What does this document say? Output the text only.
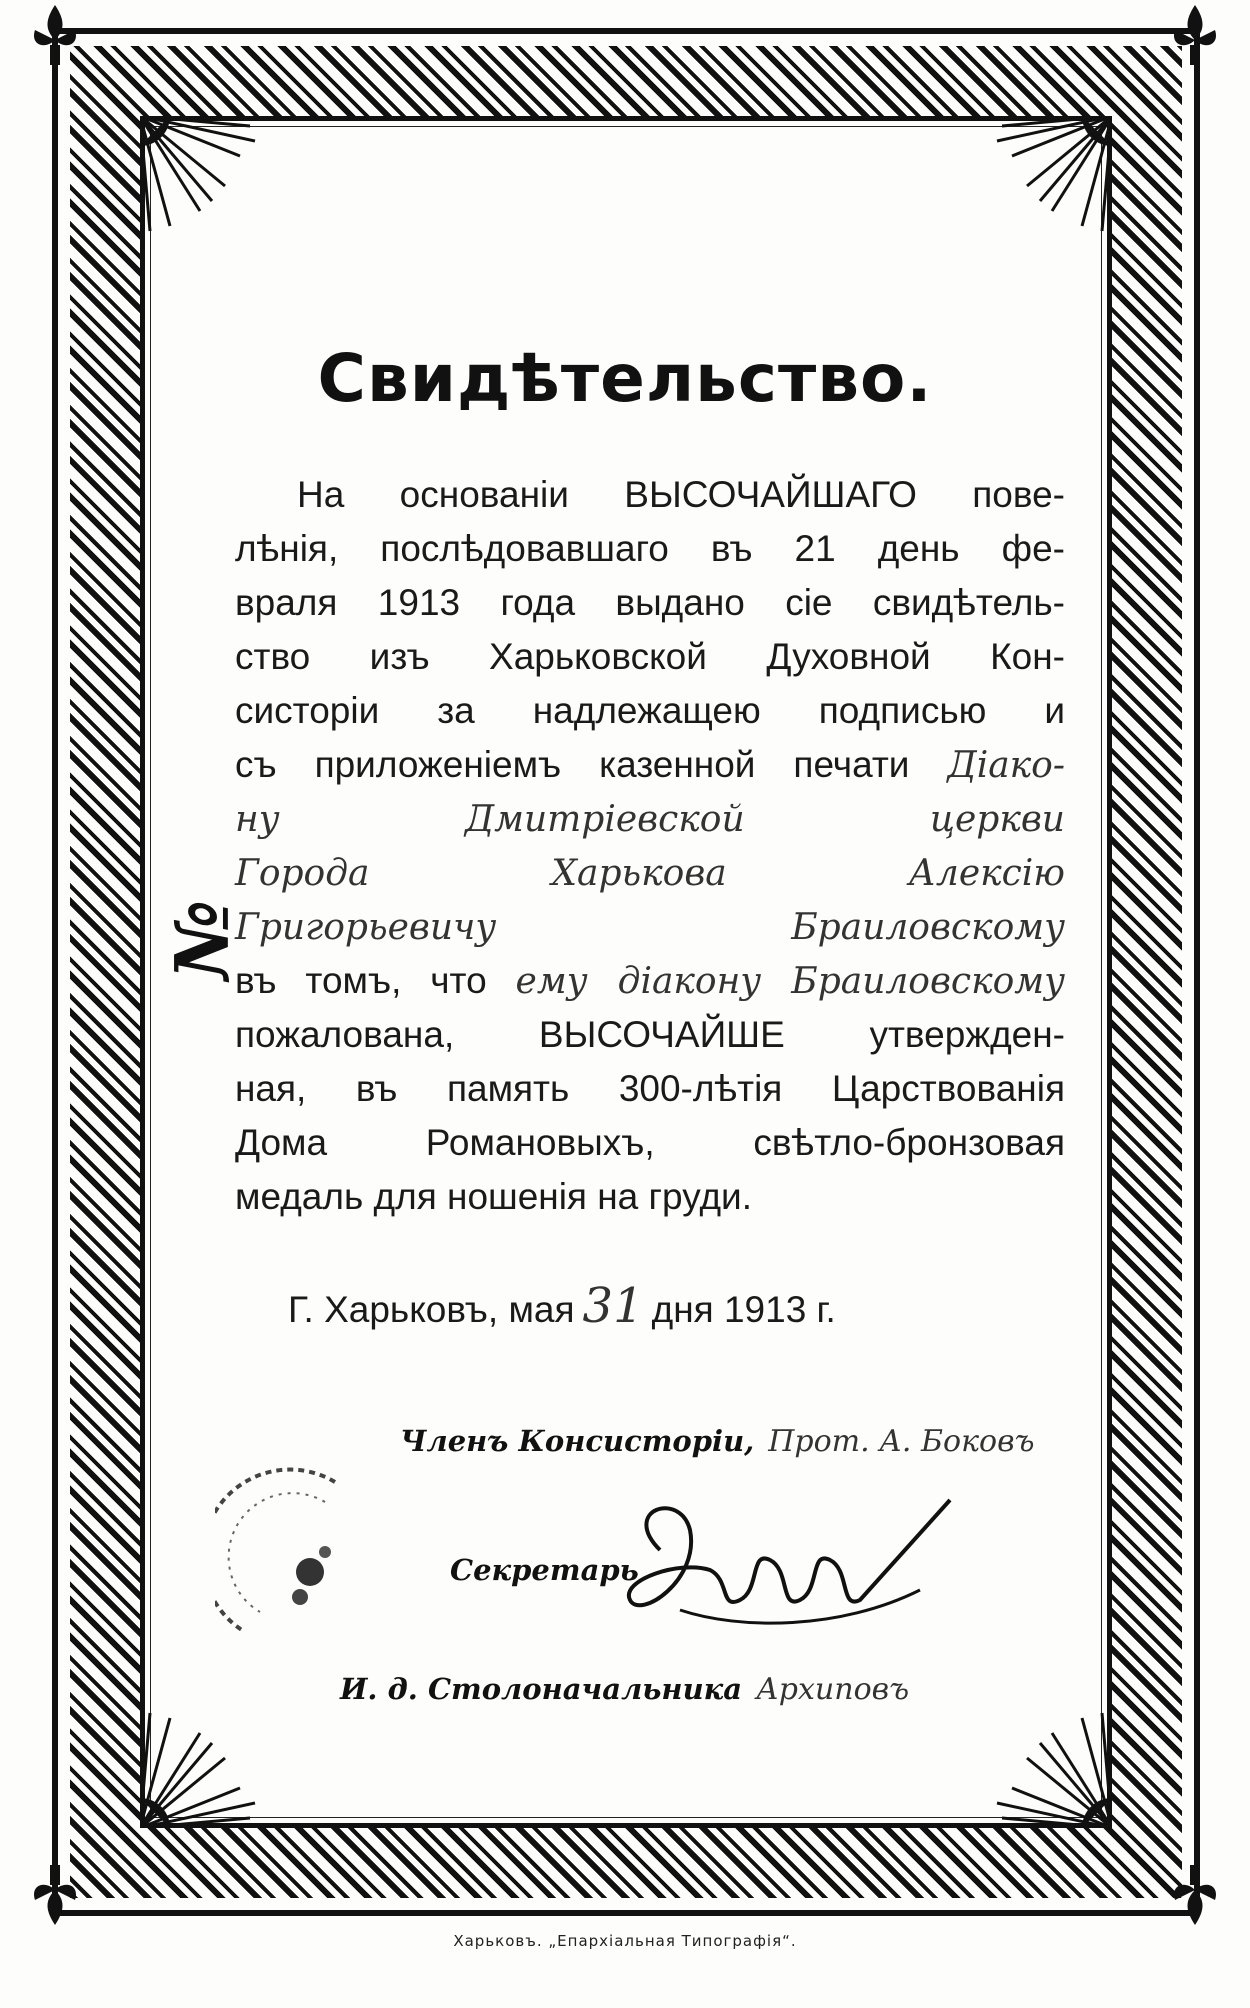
Свидѣтельство.
№
На основаніи ВЫСОЧАЙШАГО пове-
лѣнія, послѣдовавшаго въ 21 день фе-
враля 1913 года выдано сіе свидѣтель-
ство изъ Харьковской Духовной Кон-
систоріи за надлежащею подписью и
съ приложеніемъ казенной печати Діако-
ну Дмитріевской церкви
Города Харькова Алексію
Григорьевичу Браиловскому
въ томъ, что ему діакону Браиловскому
пожалована, ВЫСОЧАЙШЕ утвержден-
ная, въ память 300-лѣтія Царствованія
Дома Романовыхъ, свѣтло-бронзовая
медаль для ношенія на груди.
Г. Харьковъ, мая 31 дня 1913 г.
Членъ Консисторіи, Прот. А. Боковъ
Секретарь
И. д. Столоначальника Архиповъ
Харьковъ. „Епархіальная Типографія“.
